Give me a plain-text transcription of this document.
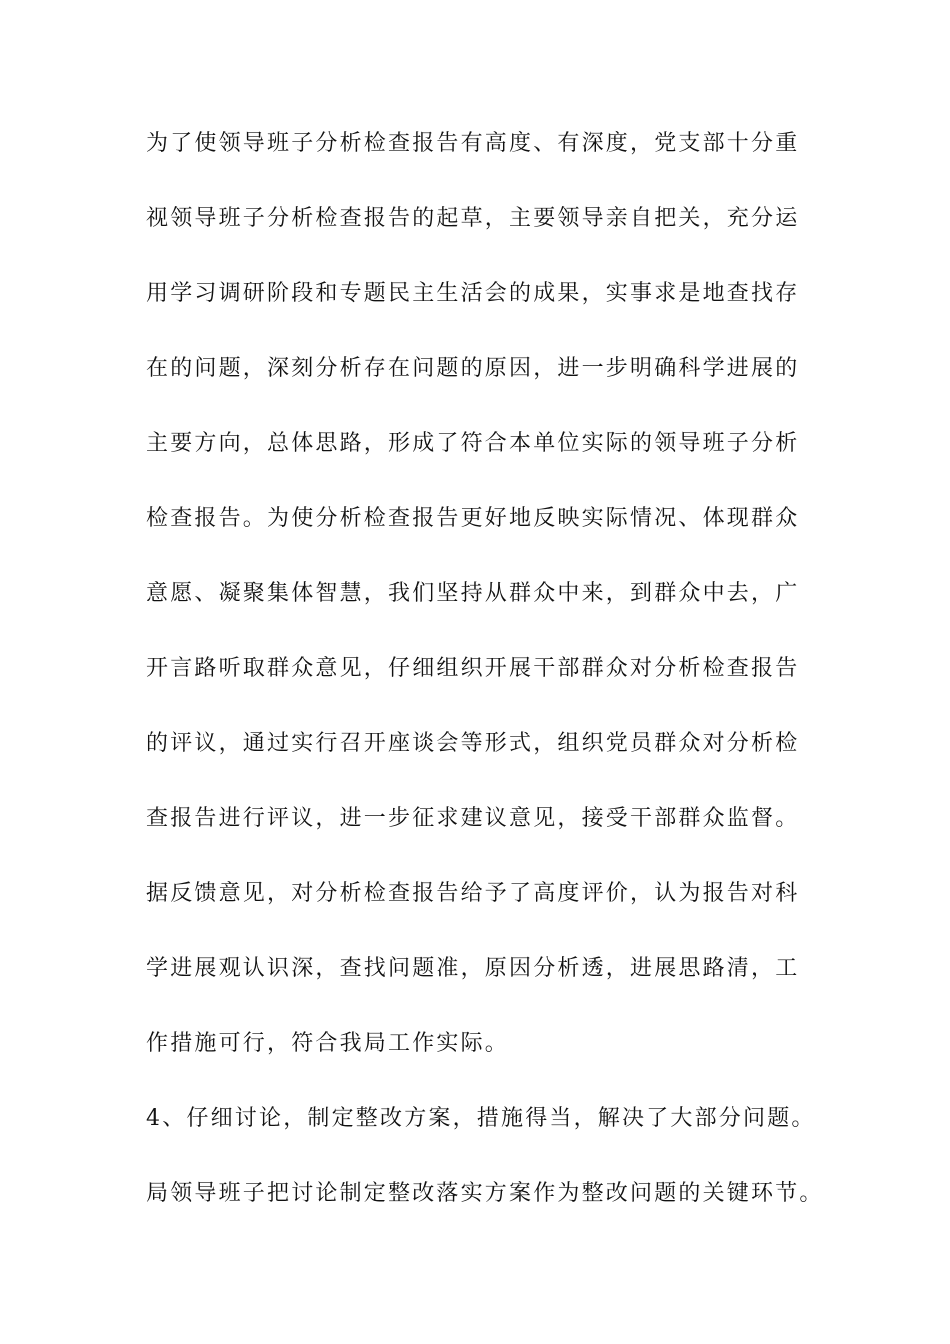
为了使领导班子分析检查报告有高度、有深度，党支部十分重

视领导班子分析检查报告的起草，主要领导亲自把关，充分运

用学习调研阶段和专题民主生活会的成果，实事求是地查找存

在的问题，深刻分析存在问题的原因，进一步明确科学进展的

主要方向，总体思路，形成了符合本单位实际的领导班子分析

检查报告。为使分析检查报告更好地反映实际情况、体现群众

意愿、凝聚集体智慧，我们坚持从群众中来，到群众中去，广

开言路听取群众意见，仔细组织开展干部群众对分析检查报告

的评议，通过实行召开座谈会等形式，组织党员群众对分析检

查报告进行评议，进一步征求建议意见，接受干部群众监督。

据反馈意见，对分析检查报告给予了高度评价，认为报告对科

学进展观认识深，查找问题准，原因分析透，进展思路清，工

作措施可行，符合我局工作实际。

4、仔细讨论，制定整改方案，措施得当，解决了大部分问题。

局领导班子把讨论制定整改落实方案作为整改问题的关键环节。
